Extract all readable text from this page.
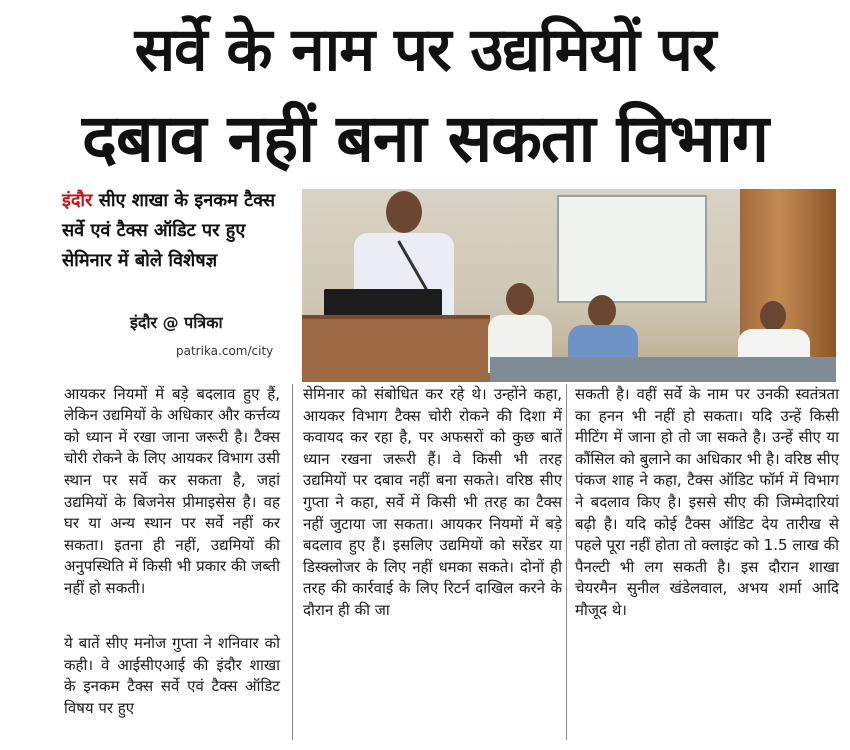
सर्वे के नाम पर उद्यमियों पर
दबाव नहीं बना सकता विभाग
इंदौर सीए शाखा के इनकम टैक्स सर्वे एवं टैक्स ऑडिट पर हुए सेमिनार में बोले विशेषज्ञ
इंदौर @ पत्रिका
patrika.com/city

आयकर नियमों में बड़े बदलाव हुए हैं, लेकिन उद्यमियों के अधिकार और कर्त्तव्य को ध्यान में रखा जाना जरूरी है। टैक्स चोरी रोकने के लिए आयकर विभाग उसी स्थान पर सर्वे कर सकता है, जहां उद्यमियों के बिजनेस प्रीमाइसेस है। वह घर या अन्य स्थान पर सर्वे नहीं कर सकता। इतना ही नहीं, उद्यमियों की अनुपस्थिति में किसी भी प्रकार की जब्ती नहीं हो सकती।

ये बातें सीए मनोज गुप्ता ने शनिवार को कही। वे आईसीएआई की इंदौर शाखा के इनकम टैक्स सर्वे एवं टैक्स ऑडिट विषय पर हुए

सेमिनार को संबोधित कर रहे थे। उन्होंने कहा, आयकर विभाग टैक्स चोरी रोकने की दिशा में कवायद कर रहा है, पर अफसरों को कुछ बातें ध्यान रखना जरूरी हैं। वे किसी भी तरह उद्यमियों पर दबाव नहीं बना सकते। वरिष्ठ सीए गुप्ता ने कहा, सर्वे में किसी भी तरह का टैक्स नहीं जुटाया जा सकता। आयकर नियमों में बड़े बदलाव हुए हैं। इसलिए उद्यमियों को सरेंडर या डिस्क्लोजर के लिए नहीं धमका सकते। दोनों ही तरह की कार्रवाई के लिए रिटर्न दाखिल करने के दौरान ही की जा
सकती है। वहीं सर्वे के नाम पर उनकी स्वतंत्रता का हनन भी नहीं हो सकता। यदि उन्हें किसी मीटिंग में जाना हो तो जा सकते है। उन्हें सीए या कौंसिल को बुलाने का अधिकार भी है। वरिष्ठ सीए पंकज शाह ने कहा, टैक्स ऑडिट फॉर्म में विभाग ने बदलाव किए है। इससे सीए की जिम्मेदारियां बढ़ी है। यदि कोई टैक्स ऑडिट देय तारीख से पहले पूरा नहीं होता तो क्लाइंट को 1.5 लाख की पैनल्टी भी लग सकती है। इस दौरान शाखा चेयरमैन सुनील खंडेलवाल, अभय शर्मा आदि मौजूद थे।
